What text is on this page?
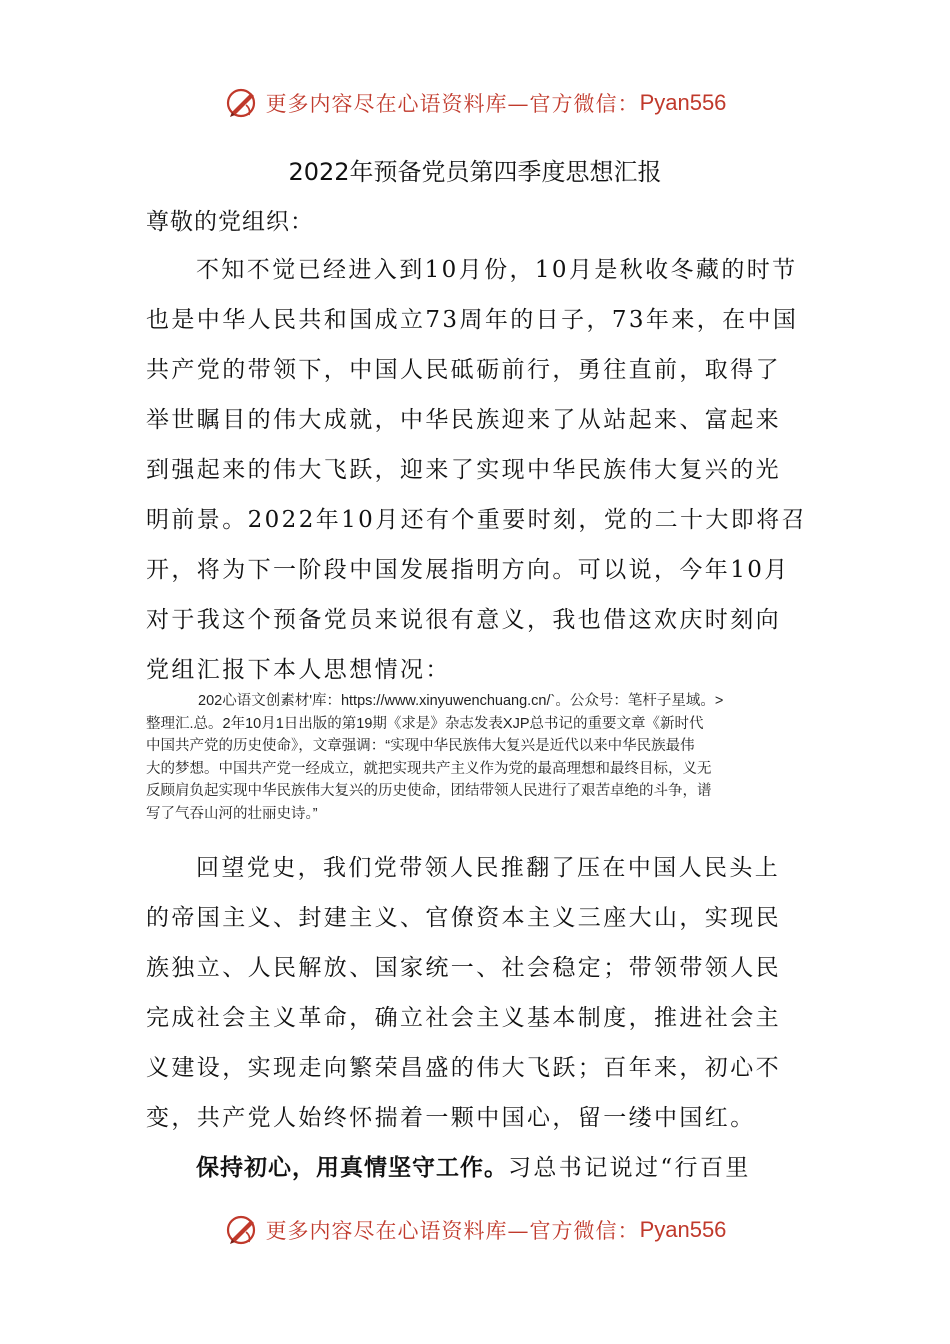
更多内容尽在心语资料库—官方微信： Pyan556
2022年预备党员第四季度思想汇报
尊敬的党组织：
不知不觉已经进入到10月份，10月是秋收冬藏的时节
也是中华人民共和国成立73周年的日子，73年来，在中国
共产党的带领下，中国人民砥砺前行，勇往直前，取得了
举世瞩目的伟大成就，中华民族迎来了从站起来、富起来
到强起来的伟大飞跃，迎来了实现中华民族伟大复兴的光
明前景。2022年10月还有个重要时刻，党的二十大即将召
开，将为下一阶段中国发展指明方向。可以说，今年10月
对于我这个预备党员来说很有意义，我也借这欢庆时刻向
党组汇报下本人思想情况：
202心语文创素材'库：https://www.xinyuwenchuang.cn/`。公众号：笔杆子星域。>
整理汇.总。2年10月1日出版的第19期《求是》杂志发表XJP总书记的重要文章《新时代
中国共产党的历史使命》，文章强调：“实现中华民族伟大复兴是近代以来中华民族最伟
大的梦想。中国共产党一经成立，就把实现共产主义作为党的最高理想和最终目标，义无
反顾肩负起实现中华民族伟大复兴的历史使命，团结带领人民进行了艰苦卓绝的斗争，谱
写了气吞山河的壮丽史诗。”
回望党史，我们党带领人民推翻了压在中国人民头上
的帝国主义、封建主义、官僚资本主义三座大山，实现民
族独立、人民解放、国家统一、社会稳定；带领带领人民
完成社会主义革命，确立社会主义基本制度，推进社会主
义建设，实现走向繁荣昌盛的伟大飞跃；百年来，初心不
变，共产党人始终怀揣着一颗中国心，留一缕中国红。
保持初心，用真情坚守工作。习总书记说过“行百里
更多内容尽在心语资料库—官方微信： Pyan556
